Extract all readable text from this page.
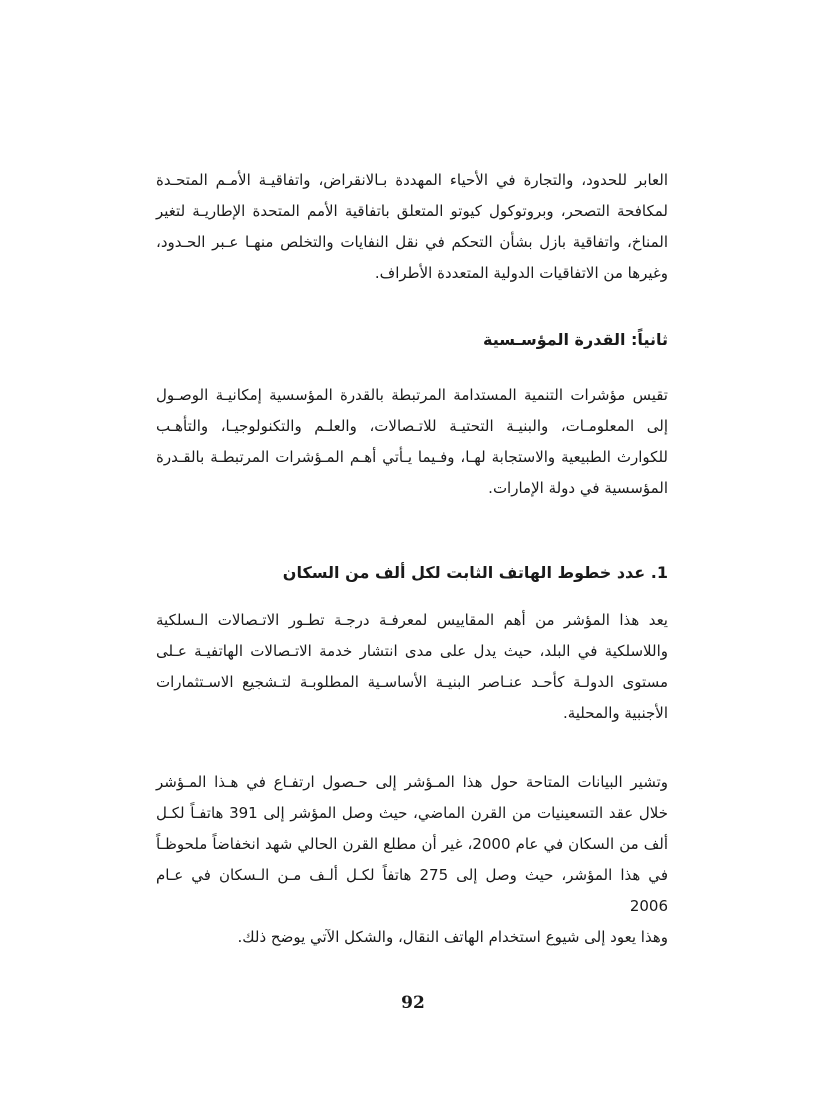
العابر للحدود، والتجارة في الأحياء المهددة بـالانقراض، واتفاقيـة الأمـم المتحـدة
لمكافحة التصحر، وبروتوكول كيوتو المتعلق باتفاقية الأمم المتحدة الإطاريـة لتغير
المناخ، واتفاقية بازل بشأن التحكم في نقل النفايات والتخلص منهـا عـبر الحـدود،
وغيرها من الاتفاقيات الدولية المتعددة الأطراف.
ثانياً: القدرة المؤسـسية
تقيس مؤشرات التنمية المستدامة المرتبطة بالقدرة المؤسسية إمكانيـة الوصـول
إلى المعلومـات، والبنيـة التحتيـة للاتـصالات، والعلـم والتكنولوجيـا، والتأهـب
للكوارث الطبيعية والاستجابة لهـا، وفـيما يـأتي أهـم المـؤشرات المرتبطـة بالقـدرة
المؤسسية في دولة الإمارات.
1. عدد خطوط الهاتف الثابت لكل ألف من السكان
يعد هذا المؤشر من أهم المقاييس لمعرفـة درجـة تطـور الاتـصالات الـسلكية
واللاسلكية في البلد، حيث يدل على مدى انتشار خدمة الاتـصالات الهاتفيـة عـلى
مستوى الدولـة كأحـد عنـاصر البنيـة الأساسـية المطلوبـة لتـشجيع الاسـتثمارات
الأجنبية والمحلية.
وتشير البيانات المتاحة حول هذا المـؤشر إلى حـصول ارتفـاع في هـذا المـؤشر
خلال عقد التسعينيات من القرن الماضي، حيث وصل المؤشر إلى 391 هاتفـاً لكـل
ألف من السكان في عام 2000، غير أن مطلع القرن الحالي شهد انخفاضاً ملحوظـاً
في هذا المؤشر، حيث وصل إلى 275 هاتفاً لكـل ألـف مـن الـسكان في عـام 2006
وهذا يعود إلى شيوع استخدام الهاتف النقال، والشكل الآتي يوضح ذلك.
92
